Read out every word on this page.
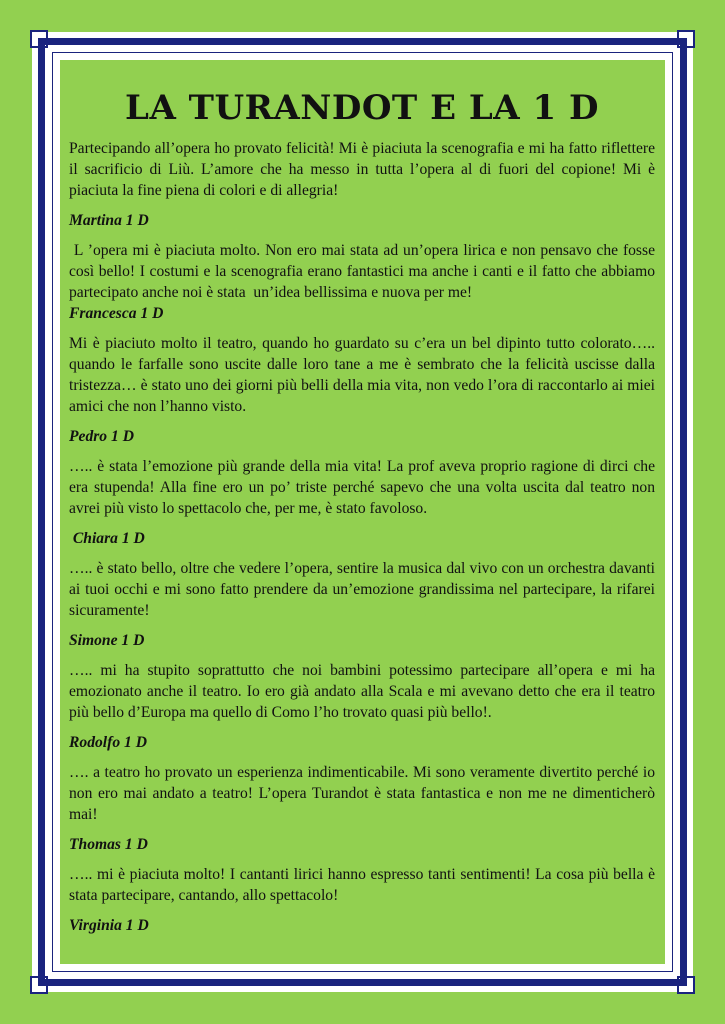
LA TURANDOT E LA 1 D

Partecipando all’opera ho provato felicità! Mi è piaciuta la scenografia e mi ha fatto riflettere il sacrificio di Liù. L’amore che ha messo in tutta l’opera al di fuori del copione! Mi è piaciuta la fine piena di colori e di allegria!

Martina 1 D

L ’opera mi è piaciuta molto. Non ero mai stata ad un’opera lirica e non pensavo che fosse così bello! I costumi e la scenografia erano fantastici ma anche i canti e il fatto che abbiamo partecipato anche noi è stata  un’idea bellissima e nuova per me!

Francesca 1 D

Mi è piaciuto molto il teatro, quando ho guardato su c’era un bel dipinto tutto colorato….. quando le farfalle sono uscite dalle loro tane a me è sembrato che la felicità uscisse dalla tristezza… è stato uno dei giorni più belli della mia vita, non vedo l’ora di raccontarlo ai miei amici che non l’hanno visto.

Pedro 1 D

….. è stata l’emozione più grande della mia vita! La prof aveva proprio ragione di dirci che era stupenda! Alla fine ero un po’ triste perché sapevo che una volta uscita dal teatro non avrei più visto lo spettacolo che, per me, è stato favoloso.

Chiara 1 D

….. è stato bello, oltre che vedere l’opera, sentire la musica dal vivo con un orchestra davanti ai tuoi occhi e mi sono fatto prendere da un’emozione grandissima nel partecipare, la rifarei sicuramente!

Simone 1 D

….. mi ha stupito soprattutto che noi bambini potessimo partecipare all’opera e mi ha emozionato anche il teatro. Io ero già andato alla Scala e mi avevano detto che era il teatro più bello d’Europa ma quello di Como l’ho trovato quasi più bello!.

Rodolfo 1 D

…. a teatro ho provato un esperienza indimenticabile. Mi sono veramente divertito perché io non ero mai andato a teatro! L’opera Turandot è stata fantastica e non me ne dimenticherò mai!

Thomas 1 D

….. mi è piaciuta molto! I cantanti lirici hanno espresso tanti sentimenti! La cosa più bella è stata partecipare, cantando, allo spettacolo!

Virginia 1 D
